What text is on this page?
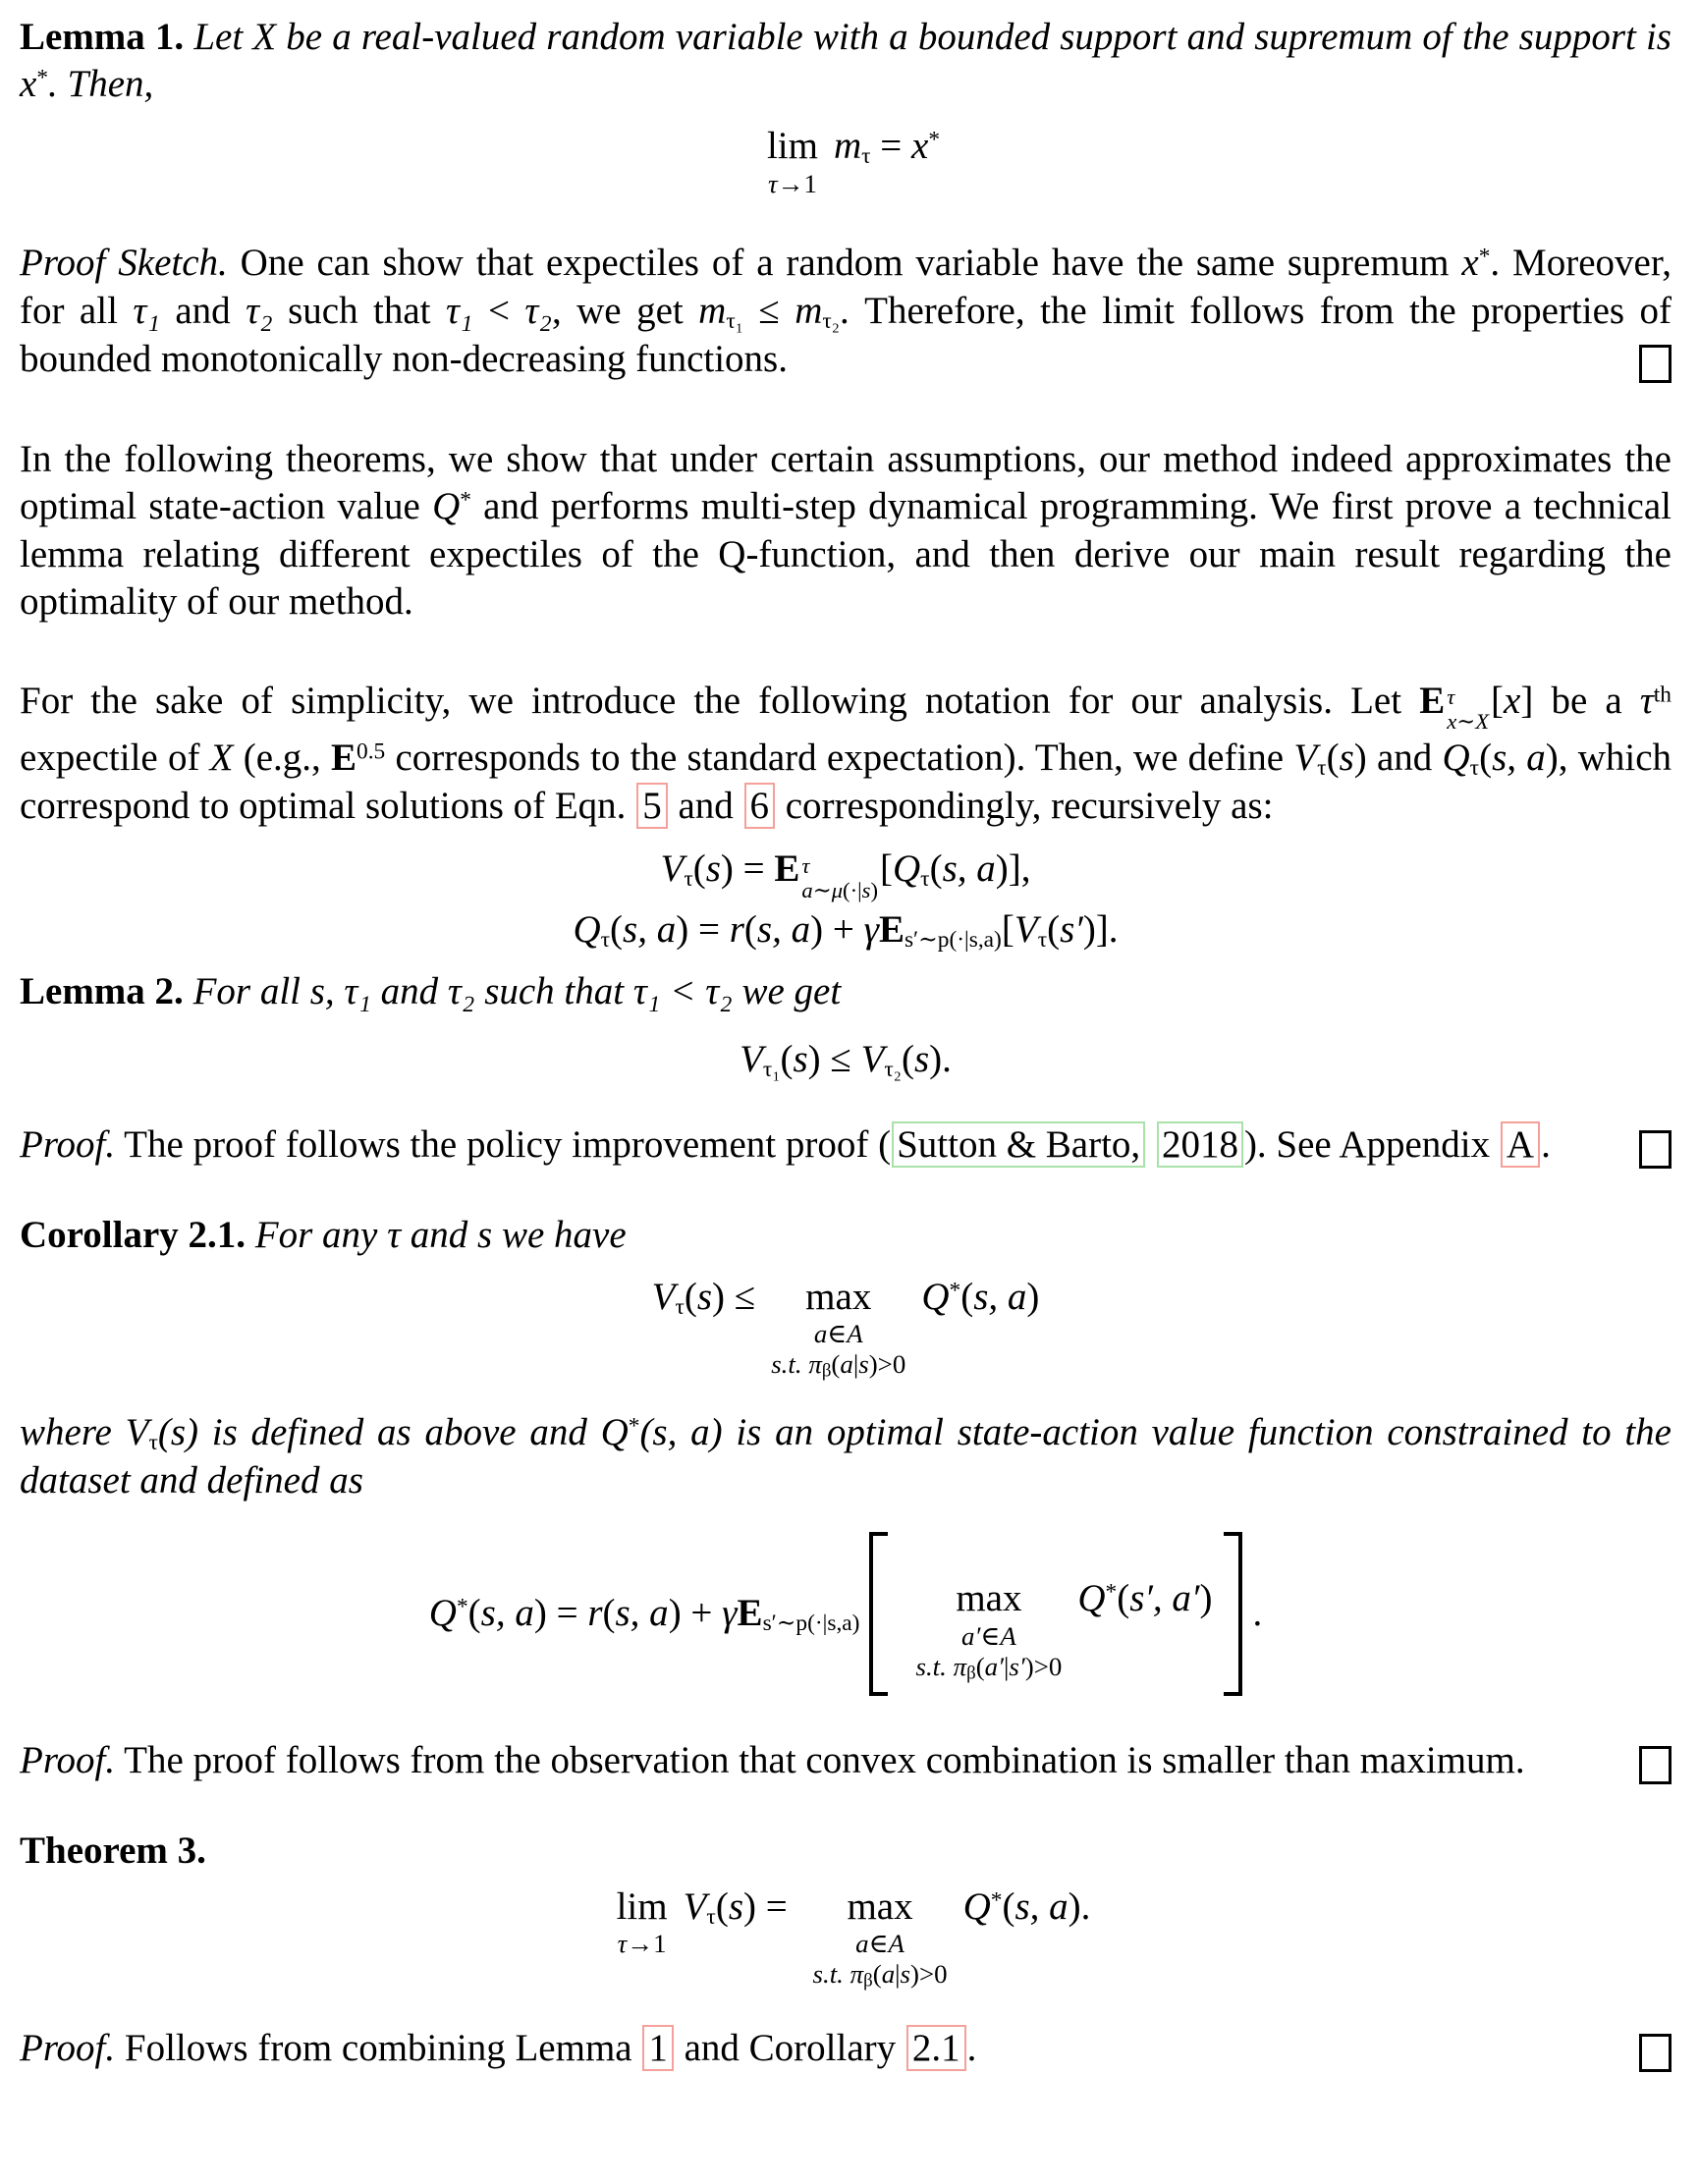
Lemma 1. Let X be a real-valued random variable with a bounded support and supremum of the support is x*. Then,

lim
τ→1
mτ = x*

Proof Sketch. One can show that expectiles of a random variable have the same supremum x*. Moreover, for all τ₁ and τ₂ such that τ₁ < τ₂, we get mτ₁ ≤ mτ₂. Therefore, the limit follows from the properties of bounded monotonically non-decreasing functions.

In the following theorems, we show that under certain assumptions, our method indeed approximates the optimal state-action value Q* and performs multi-step dynamical programming. We first prove a technical lemma relating different expectiles of the Q-function, and then derive our main result regarding the optimality of our method.

For the sake of simplicity, we introduce the following notation for our analysis. Let E τ
x∼X
[x] be a $\tau^{th}$ expectile of X (e.g., $E^{0.5}$ corresponds to the standard expectation). Then, we define Vτ(s) and Qτ(s, a), which correspond to optimal solutions of Eqn. 5 and 6 correspondingly, recursively as:

Vτ(s) = E τ
a∼μ(·|s)
[Qτ(s, a)],
Qτ(s, a) = r(s, a) + γEs′∼p(·|s,a)[Vτ(s′)].

Lemma 2. For all s, τ₁ and τ₂ such that τ₁ < τ₂ we get

Vτ₁(s) ≤ Vτ₂(s).

Proof. The proof follows the policy improvement proof ( Sutton & Barto, 2018 ). See Appendix A .

Corollary 2.1. For any τ and s we have

Vτ(s) ≤ max
a∈A
s.t. πβ(a|s)>0
Q*(s, a)

where Vτ(s) is defined as above and Q*(s, a) is an optimal state-action value function constrained to the dataset and defined as

Q*(s, a) = r(s, a) + γEs′∼p(·|s,a)
max
a′∈A
s.t. πβ(a′|s′)>0
Q*(s′, a′)	.

Proof. The proof follows from the observation that convex combination is smaller than maximum.

Theorem 3.

lim
τ→1
Vτ(s) = max
a∈A
s.t. πβ(a|s)>0
Q*(s, a).

Proof. Follows from combining Lemma 1 and Corollary 2.1 .
